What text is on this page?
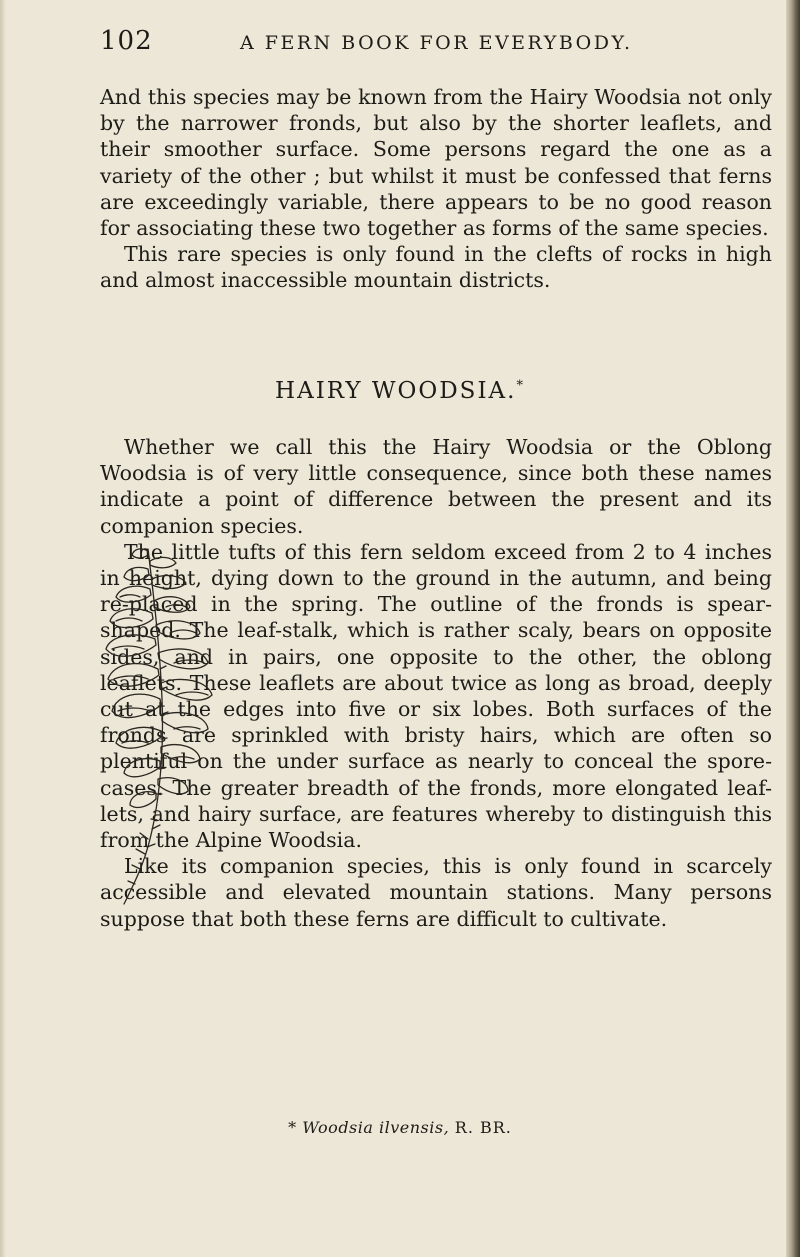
102	A FERN BOOK FOR EVERYBODY.

And this species may be known from the Hairy Woodsia not only by the narrower fronds, but also by the shorter leaflets, and their smoother surface. Some persons regard the one as a variety of the other ; but whilst it must be confessed that ferns are exceedingly variable, there appears to be no good reason for associating these two together as forms of the same species.

This rare species is only found in the clefts of rocks in high and almost inaccessible mountain districts.

HAIRY WOODSIA.*

Whether we call this the Hairy Woodsia or the Oblong Woodsia is of very little consequence, since both these names indicate a point of difference between the present and its companion species.

The little tufts of this fern seldom exceed from 2 to 4 inches in height, dying down to the ground in the autumn, and being re-placed in the spring. The outline of the fronds is spear-shaped. The leaf-stalk, which is rather scaly, bears on opposite sides, and in pairs, one opposite to the other, the oblong leaflets. These leaflets are about twice as long as broad, deeply cut at the edges into five or six lobes. Both surfaces of the fronds are sprinkled with bristy hairs, which are often so plentiful on the under surface as nearly to conceal the spore-cases. The greater breadth of the fronds, more elongated leaf-lets, and hairy surface, are features whereby to distinguish this from the Alpine Woodsia.

Like its companion species, this is only found in scarcely accessible and elevated mountain stations. Many persons suppose that both these ferns are difficult to cultivate.

* Woodsia ilvensis, R. BR.
